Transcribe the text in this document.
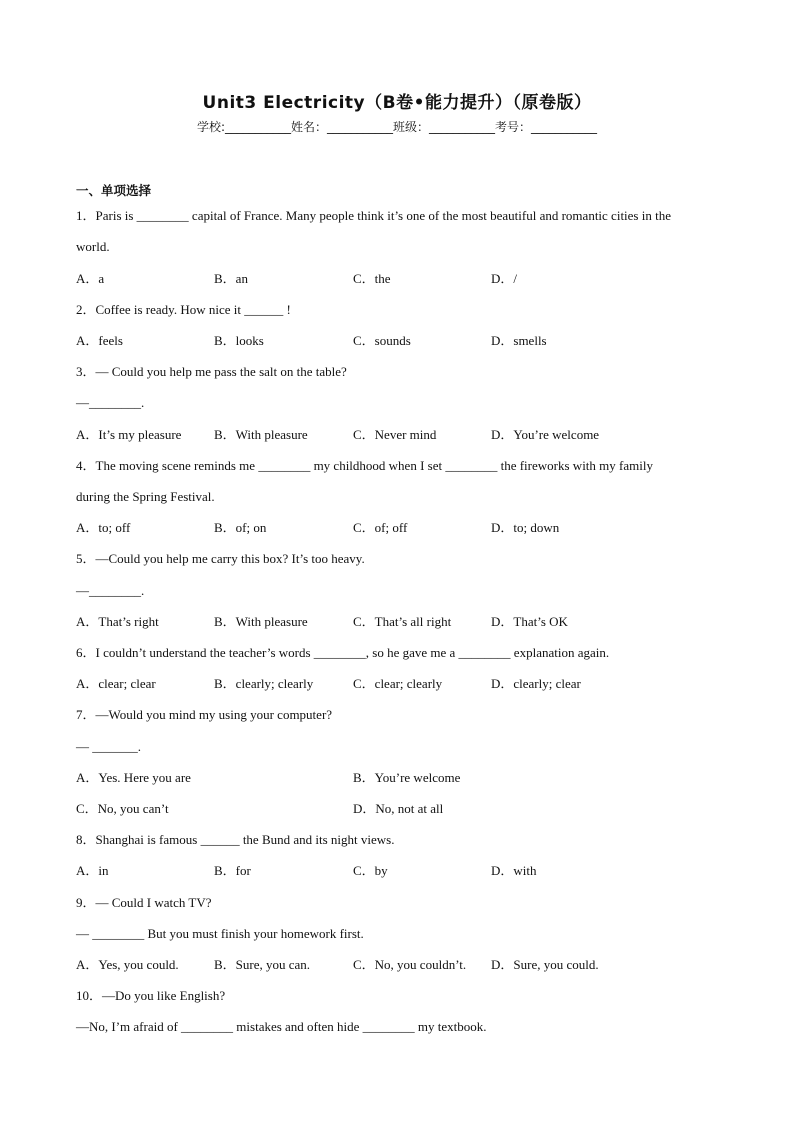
Unit3 Electricity（B卷•能力提升）（原卷版）
学校:___________姓名：___________班级：___________考号：___________
一、单项选择
1．Paris is ________ capital of France. Many people think it’s one of the most beautiful and romantic cities in the
world.
A．a	B．an	C．the	D．/
2．Coffee is ready. How nice it ______ !
A．feels	B．looks	C．sounds	D．smells
3．— Could you help me pass the salt on the table?
—________.
A．It’s my pleasure	B．With pleasure	C．Never mind	D．You’re welcome
4．The moving scene reminds me ________ my childhood when I set ________ the fireworks with my family
during the Spring Festival.
A．to; off	B．of; on	C．of; off	D．to; down
5．—Could you help me carry this box? It’s too heavy.
—________.
A．That’s right	B．With pleasure	C．That’s all right	D．That’s OK
6．I couldn’t understand the teacher’s words ________, so he gave me a ________ explanation again.
A．clear; clear	B．clearly; clearly	C．clear; clearly	D．clearly; clear
7．—Would you mind my using your computer?
— _______.
A．Yes. Here you are	B．You’re welcome
C．No, you can’t	D．No, not at all
8．Shanghai is famous ______ the Bund and its night views.
A．in	B．for	C．by	D．with
9．— Could I watch TV?
— ________ But you must finish your homework first.
A．Yes, you could.	B．Sure, you can.	C．No, you couldn’t. D．Sure, you could.
10．—Do you like English?
—No, I’m afraid of ________ mistakes and often hide ________ my textbook.
